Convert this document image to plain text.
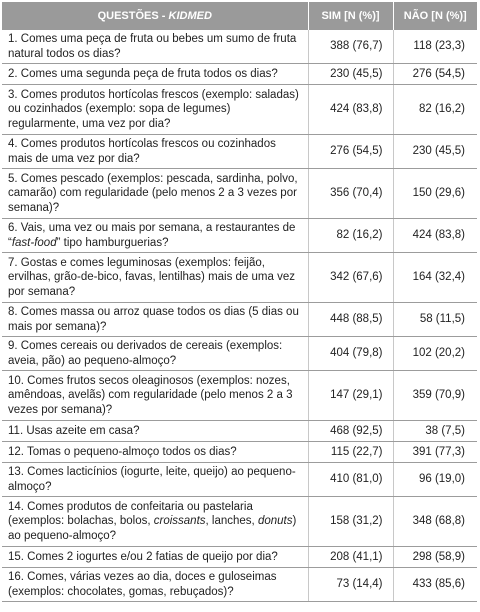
QUESTÕES - KIDMED	SIM [N (%)]	NÃO [N (%)]
1. Comes uma peça de fruta ou bebes um sumo de fruta natural todos os dias?	388 (76,7)	118 (23,3)
2. Comes uma segunda peça de fruta todos os dias?	230 (45,5)	276 (54,5)
3. Comes produtos hortícolas frescos (exemplo: saladas) ou cozinhados (exemplo: sopa de legumes) regularmente, uma vez por dia?	424 (83,8)	82 (16,2)
4. Comes produtos hortícolas frescos ou cozinhados mais de uma vez por dia?	276 (54,5)	230 (45,5)
5. Comes pescado (exemplos: pescada, sardinha, polvo, camarão) com regularidade (pelo menos 2 a 3 vezes por semana)?	356 (70,4)	150 (29,6)
6. Vais, uma vez ou mais por semana, a restaurantes de “fast-food” tipo hamburguerias?	82 (16,2)	424 (83,8)
7. Gostas e comes leguminosas (exemplos: feijão, ervilhas, grão-de-bico, favas, lentilhas) mais de uma vez por semana?	342 (67,6)	164 (32,4)
8. Comes massa ou arroz quase todos os dias (5 dias ou mais por semana)?	448 (88,5)	58 (11,5)
9. Comes cereais ou derivados de cereais (exemplos: aveia, pão) ao pequeno-almoço?	404 (79,8)	102 (20,2)
10. Comes frutos secos oleaginosos (exemplos: nozes, amêndoas, avelãs) com regularidade (pelo menos 2 a 3 vezes por semana)?	147 (29,1)	359 (70,9)
11. Usas azeite em casa?	468 (92,5)	38 (7,5)
12. Tomas o pequeno-almoço todos os dias?	115 (22,7)	391 (77,3)
13. Comes lacticínios (iogurte, leite, queijo) ao pequeno-almoço?	410 (81,0)	96 (19,0)
14. Comes produtos de confeitaria ou pastelaria (exemplos: bolachas, bolos, croissants, lanches, donuts) ao pequeno-almoço?	158 (31,2)	348 (68,8)
15. Comes 2 iogurtes e/ou 2 fatias de queijo por dia?	208 (41,1)	298 (58,9)
16. Comes, várias vezes ao dia, doces e guloseimas (exemplos: chocolates, gomas, rebuçados)?	73 (14,4)	433 (85,6)
